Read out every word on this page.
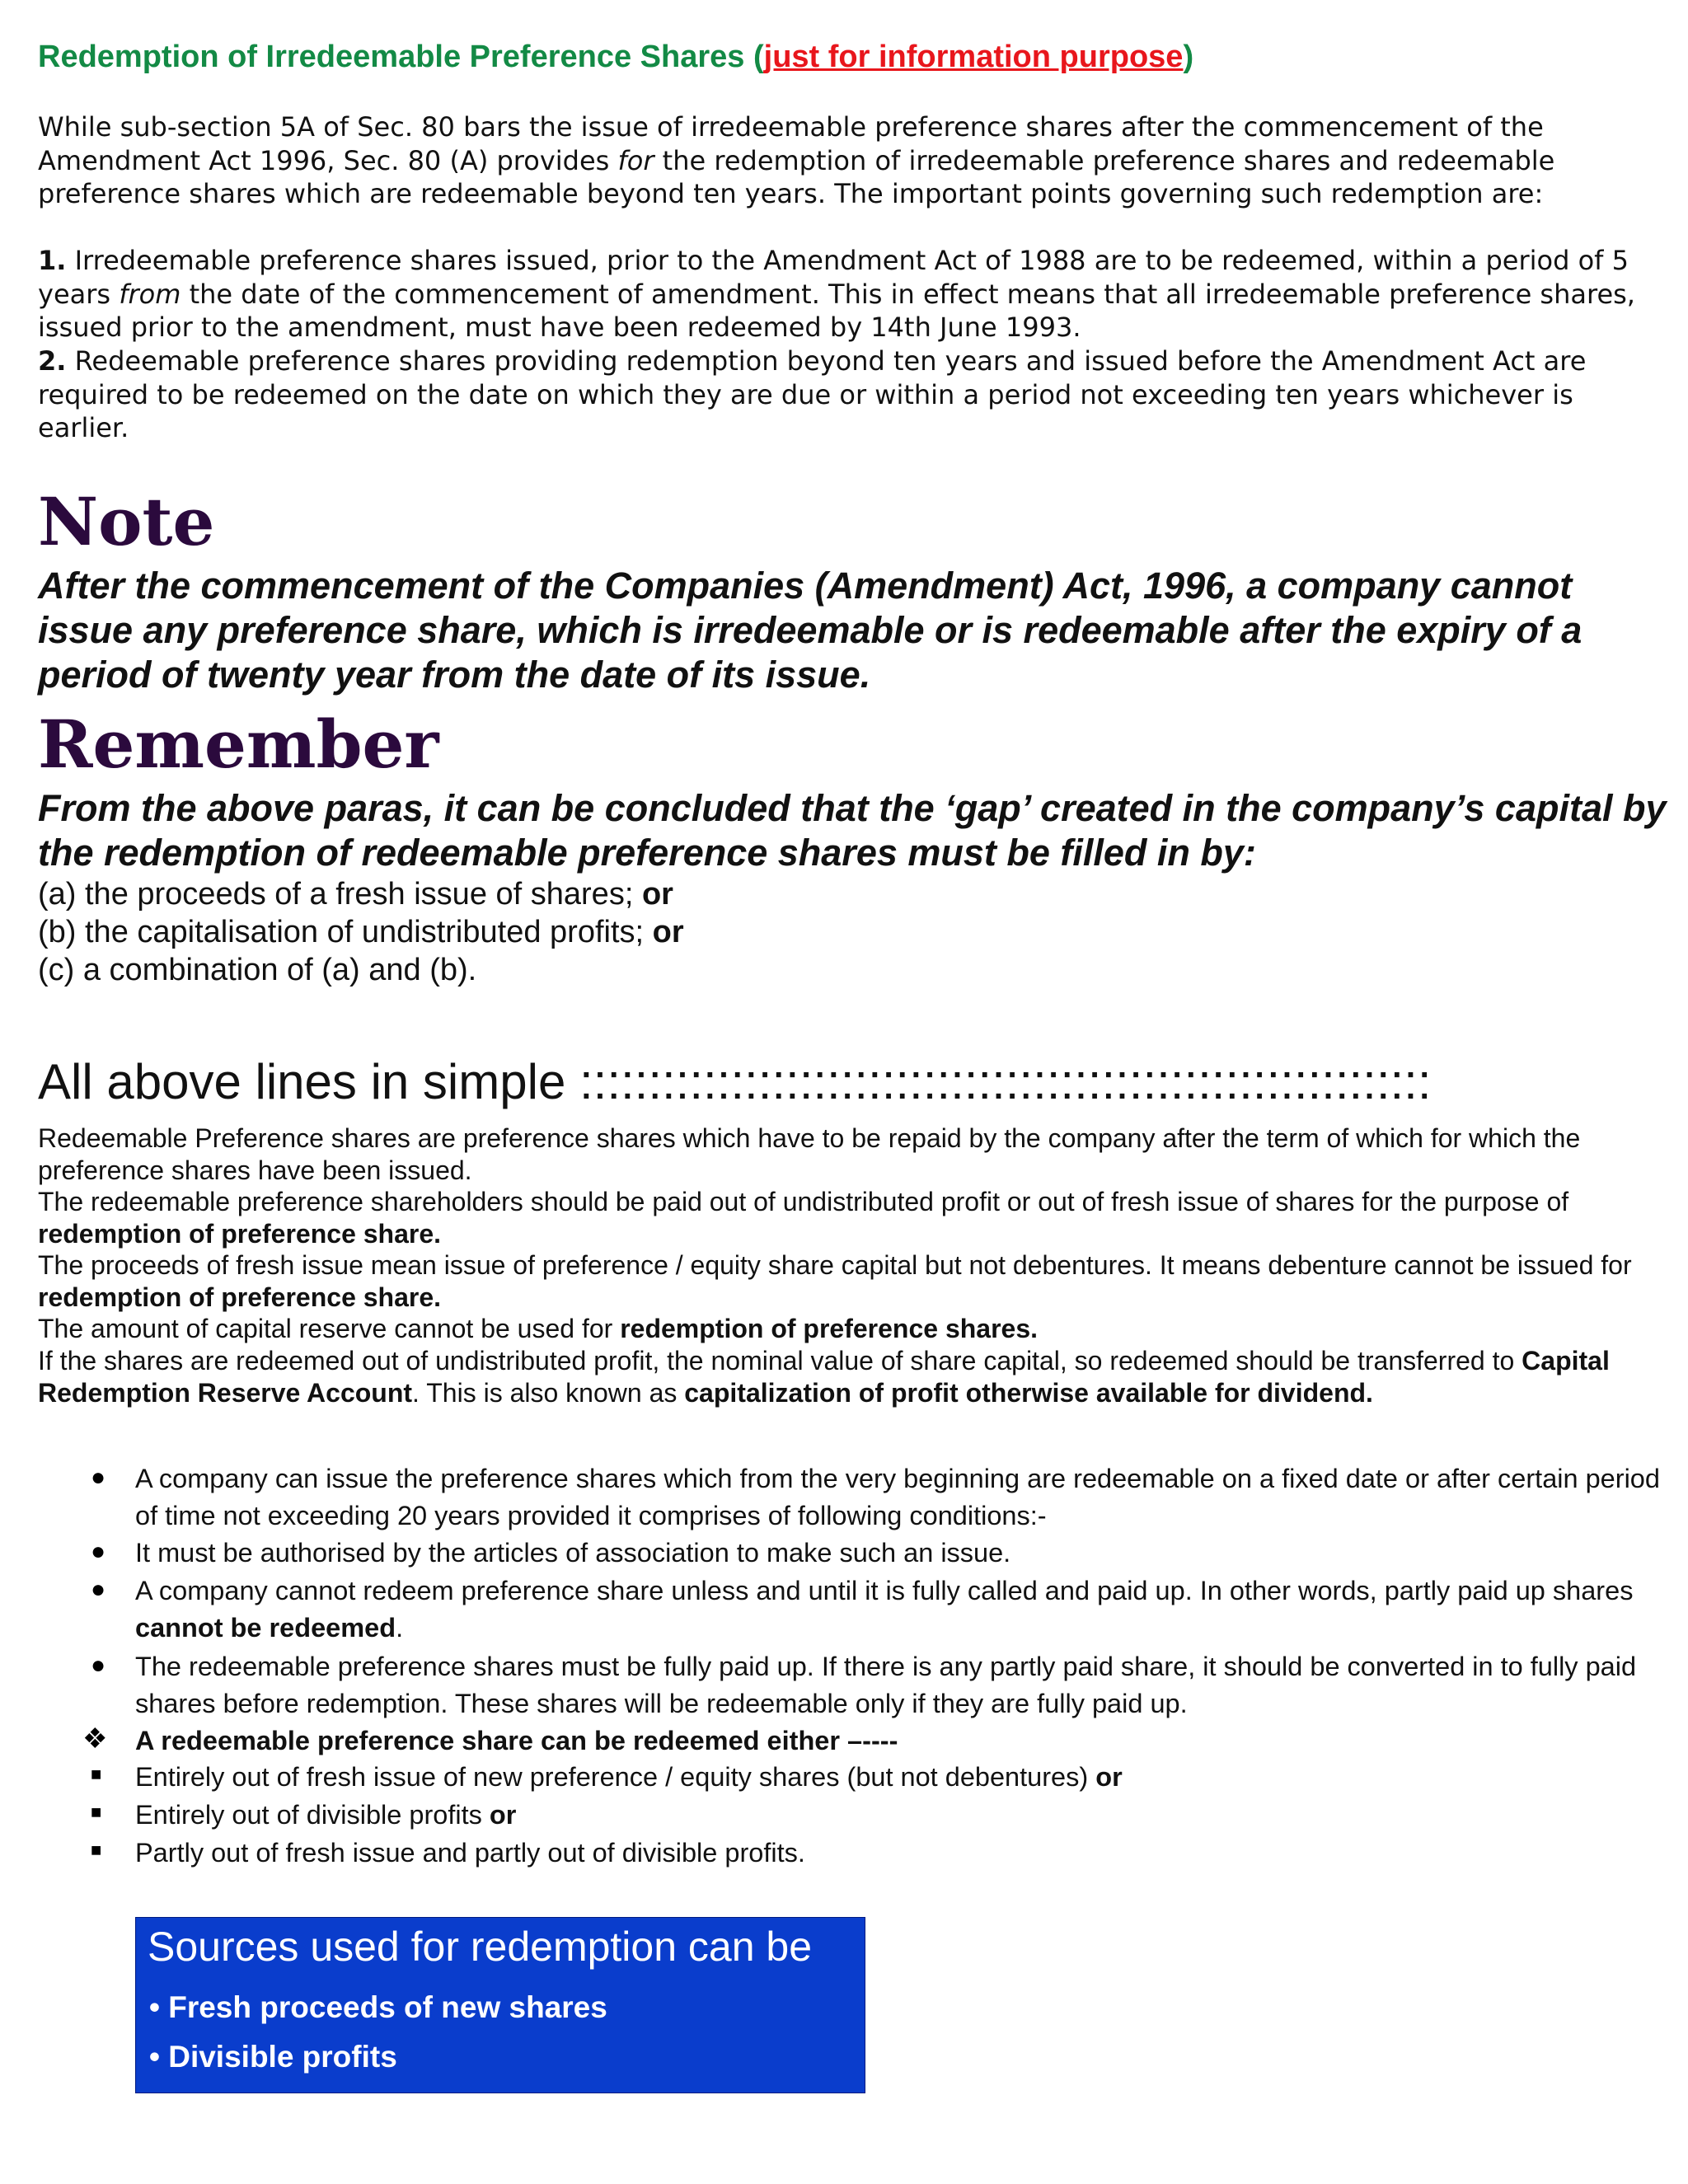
Redemption of Irredeemable Preference Shares (just for information purpose)
While sub-section 5A of Sec. 80 bars the issue of irredeemable preference shares after the commencement of the Amendment Act 1996, Sec. 80 (A) provides for the redemption of irredeemable preference shares and redeemable preference shares which are redeemable beyond ten years. The important points governing such redemption are:
1. Irredeemable preference shares issued, prior to the Amendment Act of 1988 are to be redeemed, within a period of 5 years from the date of the commencement of amendment. This in effect means that all irredeemable preference shares, issued prior to the amendment, must have been redeemed by 14th June 1993.
2. Redeemable preference shares providing redemption beyond ten years and issued before the Amendment Act are required to be redeemed on the date on which they are due or within a period not exceeding ten years whichever is earlier.
Note
After the commencement of the Companies (Amendment) Act, 1996, a company cannot issue any preference share, which is irredeemable or is redeemable after the expiry of a period of twenty year from the date of its issue.
Remember
From the above paras, it can be concluded that the ‘gap’ created in the company’s capital by the redemption of redeemable preference shares must be filled in by:
(a) the proceeds of a fresh issue of shares; or
(b) the capitalisation of undistributed profits; or
(c) a combination of (a) and (b).
All above lines in simple ::::::::::::::::::::::::::::::::::::::::::::::::::::::::::::::
Redeemable Preference shares are preference shares which have to be repaid by the company after the term of which for which the preference shares have been issued.
The redeemable preference shareholders should be paid out of undistributed profit or out of fresh issue of shares for the purpose of redemption of preference share.
The proceeds of fresh issue mean issue of preference / equity share capital but not debentures. It means debenture cannot be issued for redemption of preference share.
The amount of capital reserve cannot be used for redemption of preference shares.
If the shares are redeemed out of undistributed profit, the nominal value of share capital, so redeemed should be transferred to Capital Redemption Reserve Account. This is also known as capitalization of profit otherwise available for dividend.
● A company can issue the preference shares which from the very beginning are redeemable on a fixed date or after certain period of time not exceeding 20 years provided it comprises of following conditions:-
● It must be authorised by the articles of association to make such an issue.
● A company cannot redeem preference share unless and until it is fully called and paid up. In other words, partly paid up shares cannot be redeemed.
● The redeemable preference shares must be fully paid up. If there is any partly paid share, it should be converted in to fully paid shares before redemption. These shares will be redeemable only if they are fully paid up.
❖ A redeemable preference share can be redeemed either –----
■ Entirely out of fresh issue of new preference / equity shares (but not debentures) or
■ Entirely out of divisible profits or
■ Partly out of fresh issue and partly out of divisible profits.
Sources used for redemption can be
• Fresh proceeds of new shares
• Divisible profits
